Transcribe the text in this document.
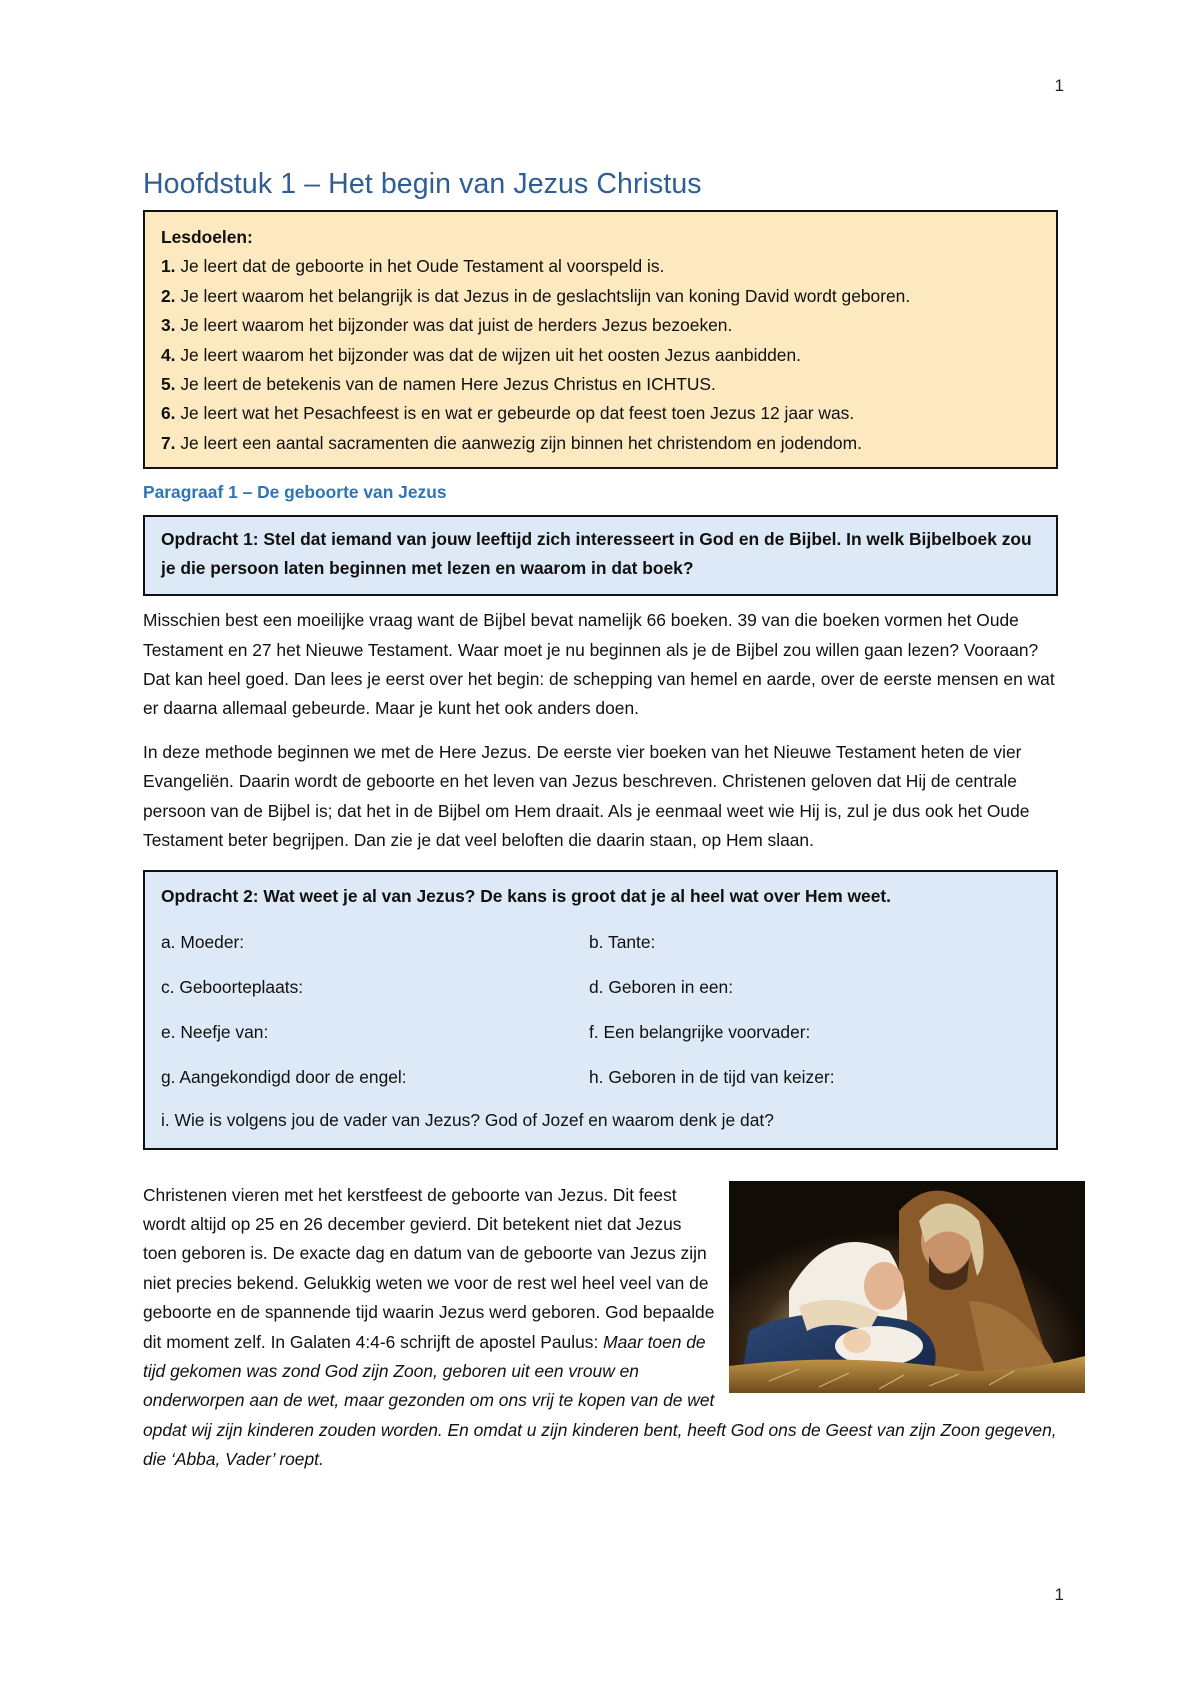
1
Hoofdstuk 1 – Het begin van Jezus Christus
Lesdoelen:
1. Je leert dat de geboorte in het Oude Testament al voorspeld is.
2. Je leert waarom het belangrijk is dat Jezus in de geslachtslijn van koning David wordt geboren.
3. Je leert waarom het bijzonder was dat juist de herders Jezus bezoeken.
4. Je leert waarom het bijzonder was dat de wijzen uit het oosten Jezus aanbidden.
5. Je leert de betekenis van de namen Here Jezus Christus en ICHTUS.
6. Je leert wat het Pesachfeest is en wat er gebeurde op dat feest toen Jezus 12 jaar was.
7. Je leert een aantal sacramenten die aanwezig zijn binnen het christendom en jodendom.
Paragraaf 1 – De geboorte van Jezus
Opdracht 1: Stel dat iemand van jouw leeftijd zich interesseert in God en de Bijbel. In welk Bijbelboek zou je die persoon laten beginnen met lezen en waarom in dat boek?

Misschien best een moeilijke vraag want de Bijbel bevat namelijk 66 boeken. 39 van die boeken vormen het Oude Testament en 27 het Nieuwe Testament. Waar moet je nu beginnen als je de Bijbel zou willen gaan lezen? Vooraan? Dat kan heel goed. Dan lees je eerst over het begin: de schepping van hemel en aarde, over de eerste mensen en wat er daarna allemaal gebeurde. Maar je kunt het ook anders doen.

In deze methode beginnen we met de Here Jezus. De eerste vier boeken van het Nieuwe Testament heten de vier Evangeliën. Daarin wordt de geboorte en het leven van Jezus beschreven. Christenen geloven dat Hij de centrale persoon van de Bijbel is; dat het in de Bijbel om Hem draait. Als je eenmaal weet wie Hij is, zul je dus ook het Oude Testament beter begrijpen. Dan zie je dat veel beloften die daarin staan, op Hem slaan.

Opdracht 2: Wat weet je al van Jezus? De kans is groot dat je al heel wat over Hem weet.
a. Moeder:	b. Tante:
c. Geboorteplaats:	d. Geboren in een:
e. Neefje van:	f. Een belangrijke voorvader:
g. Aangekondigd door de engel:	h. Geboren in de tijd van keizer:
i. Wie is volgens jou de vader van Jezus? God of Jozef en waarom denk je dat?

Christenen vieren met het kerstfeest de geboorte van Jezus. Dit feest wordt altijd op 25 en 26 december gevierd. Dit betekent niet dat Jezus toen geboren is. De exacte dag en datum van de geboorte van Jezus zijn niet precies bekend. Gelukkig weten we voor de rest wel heel veel van de geboorte en de spannende tijd waarin Jezus werd geboren. God bepaalde dit moment zelf. In Galaten 4:4-6 schrijft de apostel Paulus: Maar toen de tijd gekomen was zond God zijn Zoon, geboren uit een vrouw en onderworpen aan de wet, maar gezonden om ons vrij te kopen van de wet opdat wij zijn kinderen zouden worden. En omdat u zijn kinderen bent, heeft God ons de Geest van zijn Zoon gegeven, die ‘Abba, Vader’ roept.

1
